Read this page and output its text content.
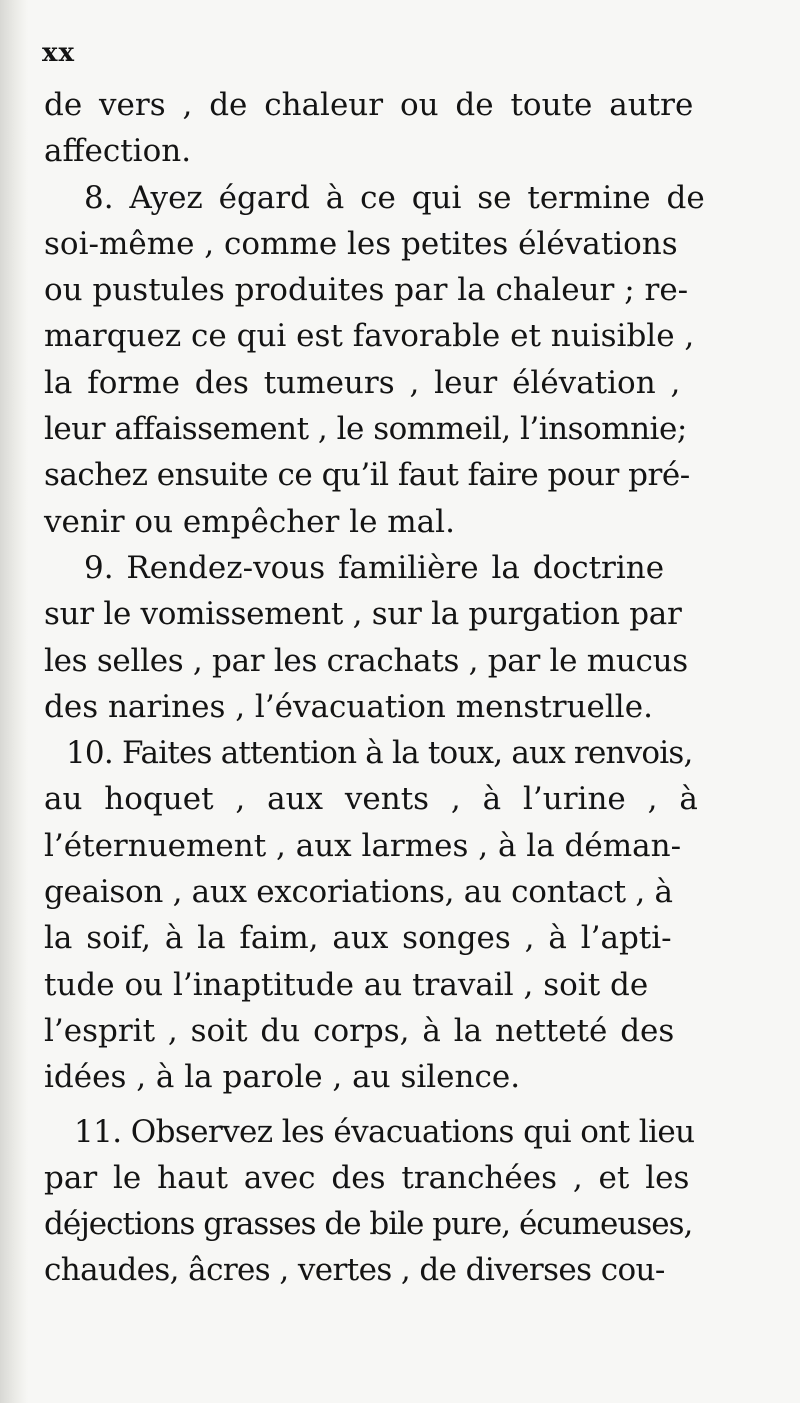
xx
de vers , de chaleur ou de toute autre
affection.
8. Ayez égard à ce qui se termine de
soi-même , comme les petites élévations
ou pustules produites par la chaleur ; re-
marquez ce qui est favorable et nuisible ,
la forme des tumeurs , leur élévation ,
leur affaissement , le sommeil, l’insomnie;
sachez ensuite ce qu’il faut faire pour pré-
venir ou empêcher le mal.
9. Rendez-vous familière la doctrine
sur le vomissement , sur la purgation par
les selles , par les crachats , par le mucus
des narines , l’évacuation menstruelle.
10. Faites attention à la toux, aux renvois,
au hoquet , aux vents , à l’urine , à
l’éternuement , aux larmes , à la déman-
geaison , aux excoriations, au contact , à
la soif, à la faim, aux songes , à l’apti-
tude ou l’inaptitude au travail , soit de
l’esprit , soit du corps, à la netteté des
idées , à la parole , au silence.
11. Observez les évacuations qui ont lieu
par le haut avec des tranchées , et les
déjections grasses de bile pure, écumeuses,
chaudes, âcres , vertes , de diverses cou-
